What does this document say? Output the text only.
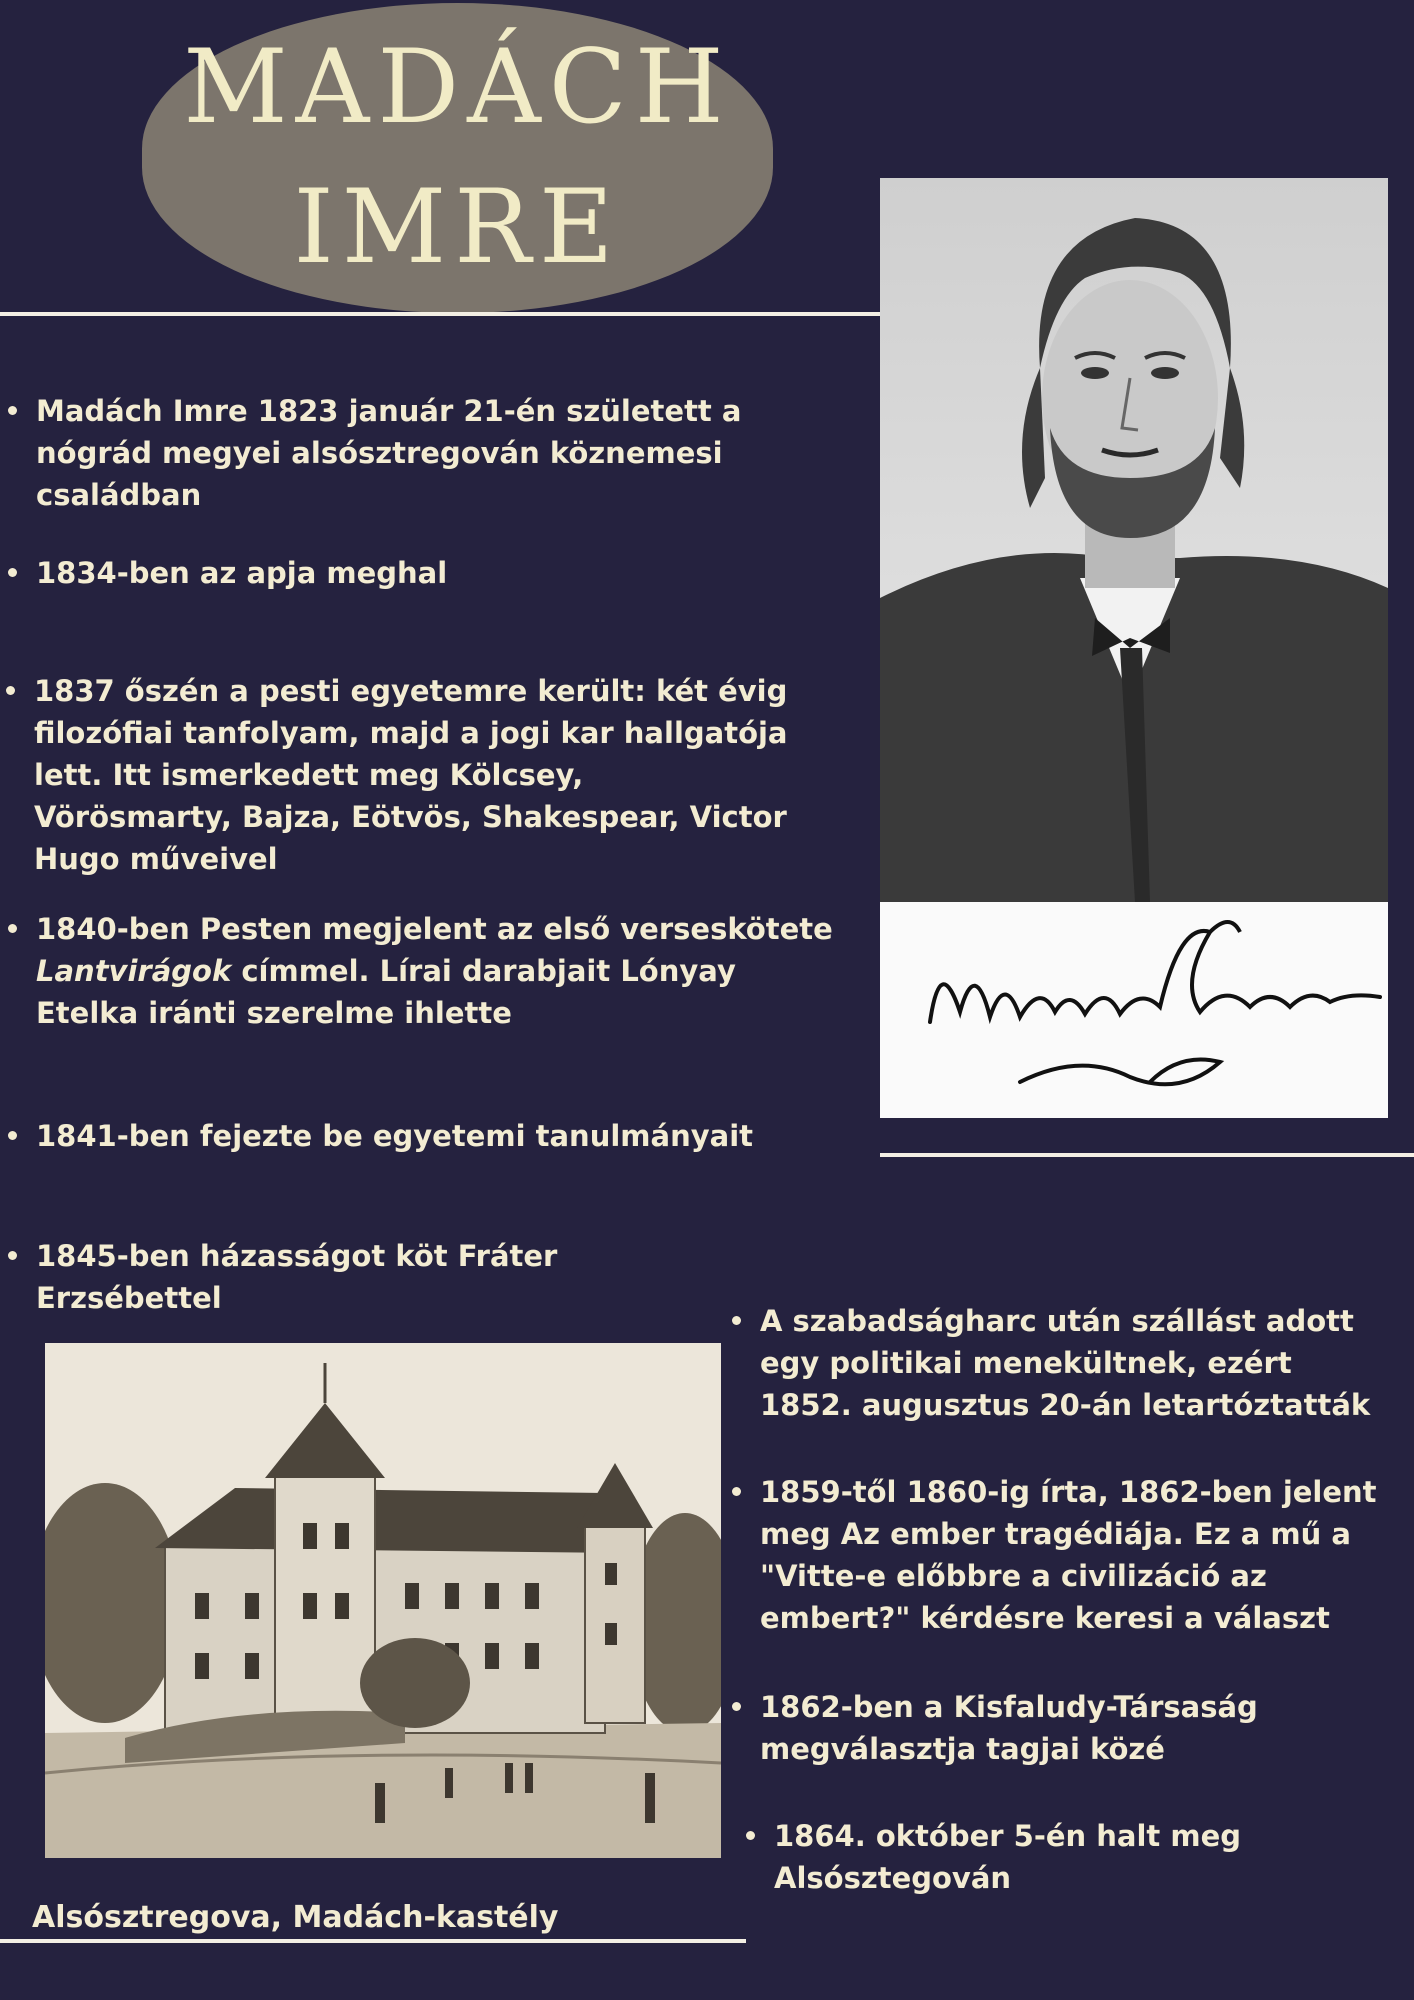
MADÁCH
IMRE
Madách Imre 1823 január 21-én született a nógrád megyei alsósztregován köznemesi családban
1834-ben az apja meghal
1837 őszén a pesti egyetemre került: két évig filozófiai tanfolyam, majd a jogi kar hallgatója lett. Itt ismerkedett meg Kölcsey, Vörösmarty, Bajza, Eötvös, Shakespear, Victor Hugo műveivel
1840-ben Pesten megjelent az első verseskötete Lantvirágok címmel. Lírai darabjait Lónyay Etelka iránti szerelme ihlette
1841-ben fejezte be egyetemi tanulmányait
1845-ben házasságot köt Fráter Erzsébettel
Alsósztregova, Madách-kastély
A szabadságharc után szállást adott egy politikai menekültnek, ezért 1852. augusztus 20-án letartóztatták
1859-től 1860-ig írta, 1862-ben jelent meg Az ember tragédiája. Ez a mű a "Vitte-e előbbre a civilizáció az embert?" kérdésre keresi a választ
1862-ben a Kisfaludy-Társaság megválasztja tagjai közé
1864. október 5-én halt meg Alsósztegován
